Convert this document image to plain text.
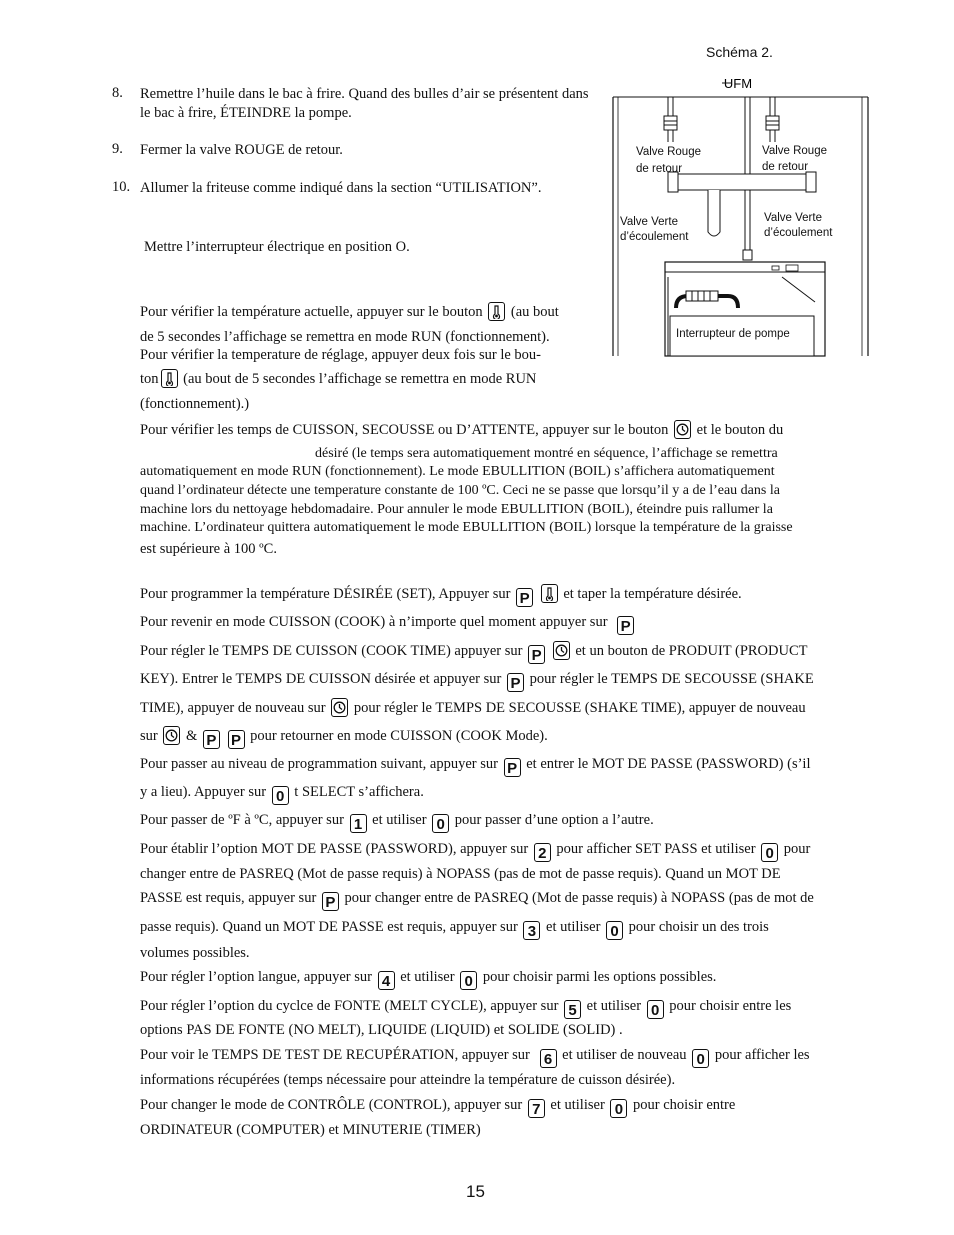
Schéma 2.
8. Remettre l’huile dans le bac à frire. Quand des bulles d’air se présentent dans le bac à frire, ÉTEINDRE la pompe.
9. Fermer la valve ROUGE de retour.
10. Allumer la friteuse comme indiqué dans la section “UTILISATION”.
Mettre l’interrupteur électrique en position O.
UFM
Valve Rouge
de retour
Valve Rouge
de retour
Valve Verte
d’écoulement
Valve Verte
d’écoulement
Interrupteur de pompe
Pour vérifier la température actuelle, appuyer sur le bouton (au bout
de 5 secondes l’affichage se remettra en mode RUN (fonctionnement).
Pour vérifier la temperature de réglage, appuyer deux fois sur le bou-
ton (au bout de 5 secondes l’affichage se remettra en mode RUN
(fonctionnement).)
Pour vérifier les temps de CUISSON, SECOUSSE ou D’ATTENTE, appuyer sur le bouton et le bouton du
désiré (le temps sera automatiquement montré en séquence, l’affichage se remettra
automatiquement en mode RUN (fonctionnement). Le mode EBULLITION (BOIL) s’affichera automatiquement
quand l’ordinateur détecte une temperature constante de 100 ºC. Ceci ne se passe que lorsqu’il y a de l’eau dans la
machine lors du nettoyage hebdomadaire. Pour annuler le mode EBULLITION (BOIL), éteindre puis rallumer la
machine. L’ordinateur quittera automatiquement le mode EBULLITION (BOIL) lorsque la température de la graisse
est supérieure à 100 ºC.
Pour programmer la température DÉSIRÉE (SET), Appuyer sur P et taper la température désirée.
Pour revenir en mode CUISSON (COOK) à n’importe quel moment appuyer sur P
Pour régler le TEMPS DE CUISSON (COOK TIME) appuyer sur P et un bouton de PRODUIT (PRODUCT
KEY). Entrer le TEMPS DE CUISSON désirée et appuyer sur P pour régler le TEMPS DE SECOUSSE (SHAKE
TIME), appuyer de nouveau sur pour régler le TEMPS DE SECOUSSE (SHAKE TIME), appuyer de nouveau
sur & P P pour retourner en mode CUISSON (COOK Mode).
Pour passer au niveau de programmation suivant, appuyer sur P et entrer le MOT DE PASSE (PASSWORD) (s’il
y a lieu). Appuyer sur 0 t SELECT s’affichera.
Pour passer de ºF à ºC, appuyer sur 1 et utiliser 0 pour passer d’une option a l’autre.
Pour établir l’option MOT DE PASSE (PASSWORD), appuyer sur 2 pour afficher SET PASS et utiliser 0 pour
changer entre de PASREQ (Mot de passe requis) à NOPASS (pas de mot de passe requis). Quand un MOT DE
PASSE est requis, appuyer sur P pour changer entre de PASREQ (Mot de passe requis) à NOPASS (pas de mot de
passe requis). Quand un MOT DE PASSE est requis, appuyer sur 3 et utiliser 0 pour choisir un des trois
volumes possibles.
Pour régler l’option langue, appuyer sur 4 et utiliser 0 pour choisir parmi les options possibles.
Pour régler l’option du cyclce de FONTE (MELT CYCLE), appuyer sur 5 et utiliser 0 pour choisir entre les
options PAS DE FONTE (NO MELT), LIQUIDE (LIQUID) et SOLIDE (SOLID) .
Pour voir le TEMPS DE TEST DE RECUPÉRATION, appuyer sur 6 et utiliser de nouveau 0 pour afficher les
informations récupérées (temps nécessaire pour atteindre la température de cuisson désirée).
Pour changer le mode de CONTRÔLE (CONTROL), appuyer sur 7 et utiliser 0 pour choisir entre
ORDINATEUR (COMPUTER) et MINUTERIE (TIMER)
15
